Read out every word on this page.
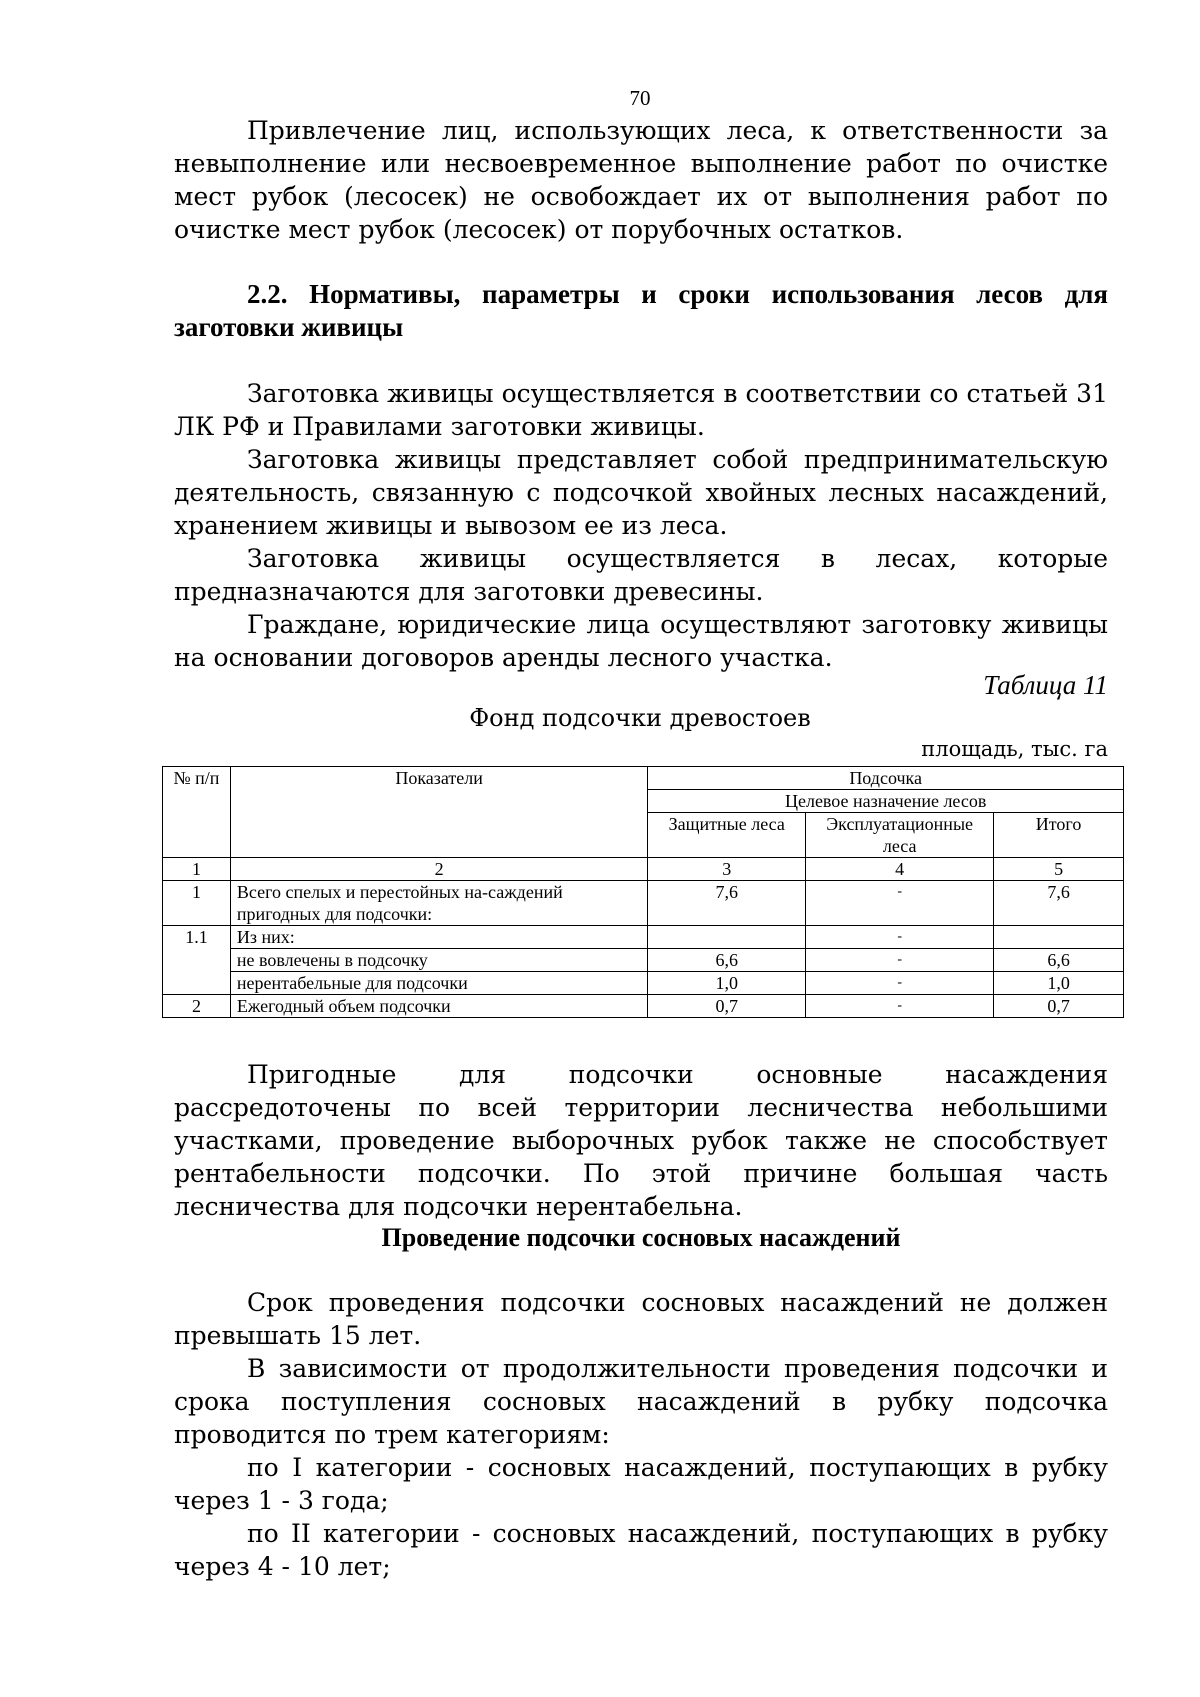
70

Привлечение лиц, использующих леса, к ответственности за невыполнение или несвоевременное выполнение работ по очистке мест рубок (лесосек) не освобождает их от выполнения работ по очистке мест рубок (лесосек) от порубочных остатков.

2.2. Нормативы, параметры и сроки использования лесов для заготовки живицы

Заготовка живицы осуществляется в соответствии со статьей 31 ЛК РФ и Правилами заготовки живицы.

Заготовка живицы представляет собой предпринимательскую деятельность, связанную с подсочкой хвойных лесных насаждений, хранением живицы и вывозом ее из леса.

Заготовка живицы осуществляется в лесах, которые предназначаются для заготовки древесины.

Граждане, юридические лица осуществляют заготовку живицы на основании договоров аренды лесного участка.

Таблица 11
Фонд подсочки древостоев
площадь, тыс. га
№ п/п	Показатели	Подсочка		
		Целевое назначение лесов		
		Защитные леса	Эксплуатационные леса	Итого
1	2	3	4	5
1	Всего спелых и перестойных на-саждений пригодных для подсочки:	7,6	-	7,6
1.1	Из них:		-	
	не вовлечены в подсочку	6,6	-	6,6
	нерентабельные для подсочки	1,0	-	1,0
2	Ежегодный объем подсочки	0,7	-	0,7

Пригодные для подсочки основные насаждения рассредоточены по всей территории лесничества небольшими участками, проведение выборочных рубок также не способствует рентабельности подсочки. По этой причине большая часть лесничества для подсочки нерентабельна.

Проведение подсочки сосновых насаждений

Срок проведения подсочки сосновых насаждений не должен превышать 15 лет.

В зависимости от продолжительности проведения подсочки и срока поступления сосновых насаждений в рубку подсочка проводится по трем категориям:

по I категории - сосновых насаждений, поступающих в рубку через 1 - 3 года;

по II категории - сосновых насаждений, поступающих в рубку через 4 - 10 лет;
